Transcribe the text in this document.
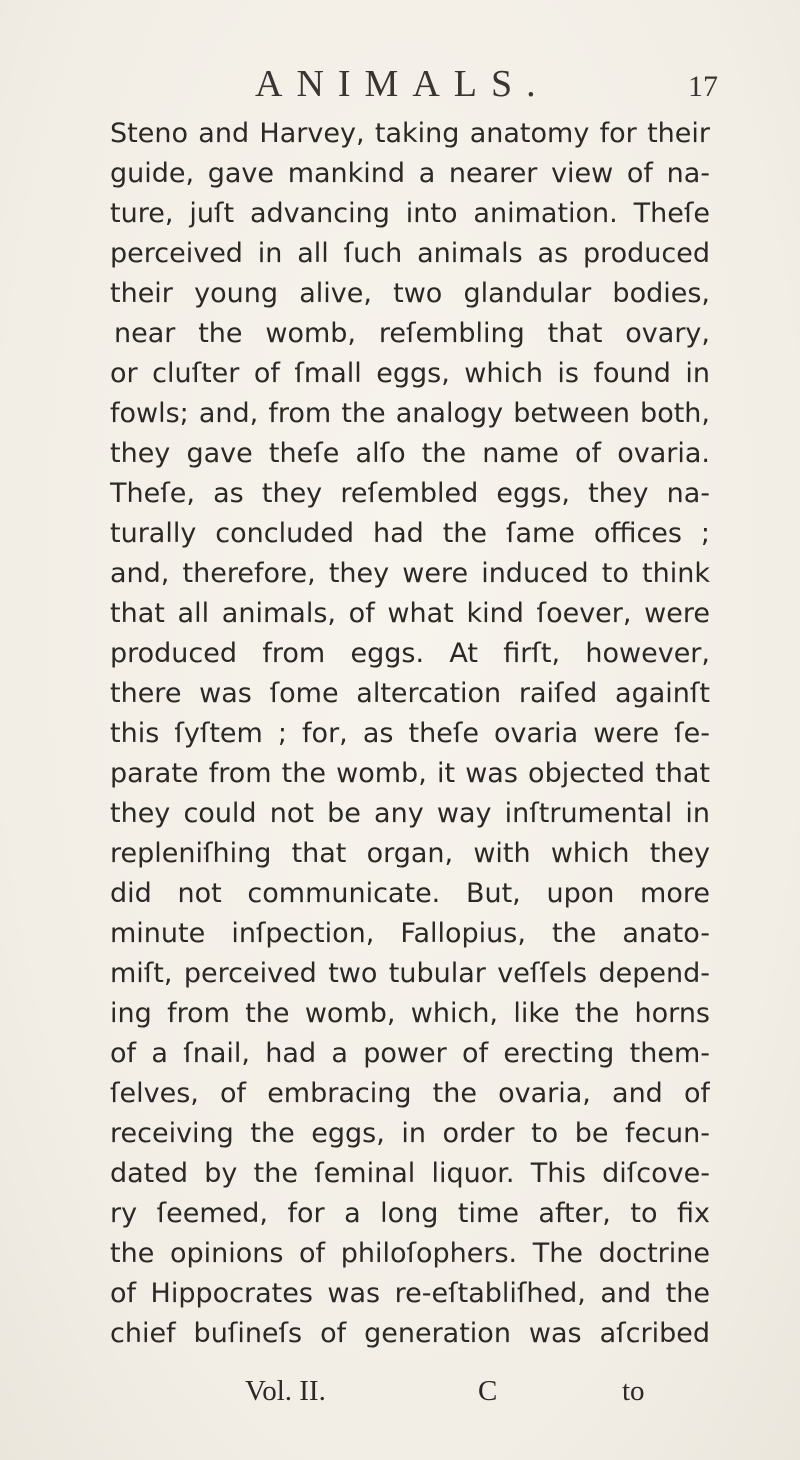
ANIMALS.	17
Steno and Harvey, taking anatomy for their
guide, gave mankind a nearer view of na-
ture, juſt advancing into animation. Theſe
perceived in all ſuch animals as produced
their young alive, two glandular bodies,
near the womb, reſembling that ovary,
or cluſter of ſmall eggs, which is found in
fowls; and, from the analogy between both,
they gave theſe alſo the name of ovaria.
Theſe, as they reſembled eggs, they na-
turally concluded had the ſame offices ;
and, therefore, they were induced to think
that all animals, of what kind ſoever, were
produced from eggs. At firſt, however,
there was ſome altercation raiſed againſt
this ſyſtem ; for, as theſe ovaria were ſe-
parate from the womb, it was objected that
they could not be any way inſtrumental in
repleniſhing that organ, with which they
did not communicate. But, upon more
minute inſpection, Fallopius, the anato-
miſt, perceived two tubular veſſels depend-
ing from the womb, which, like the horns
of a ſnail, had a power of erecting them-
ſelves, of embracing the ovaria, and of
receiving the eggs, in order to be fecun-
dated by the ſeminal liquor. This diſcove-
ry ſeemed, for a long time after, to fix
the opinions of philoſophers. The doctrine
of Hippocrates was re-eſtabliſhed, and the
chief buſineſs of generation was aſcribed
Vol. II.	C	to
